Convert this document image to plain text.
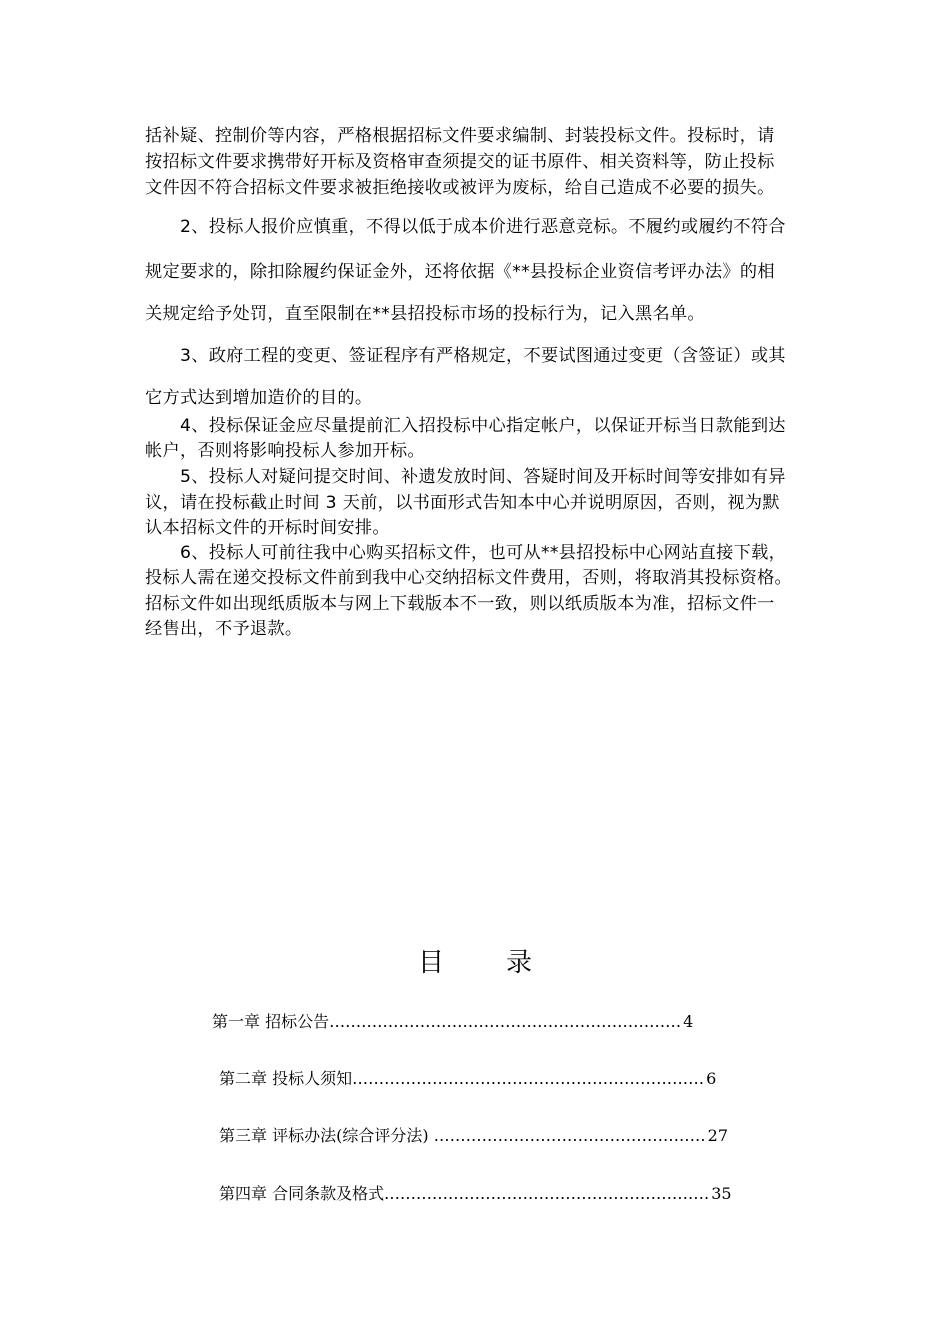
括补疑、控制价等内容，严格根据招标文件要求编制、封装投标文件。投标时，请
按招标文件要求携带好开标及资格审查须提交的证书原件、相关资料等，防止投标
文件因不符合招标文件要求被拒绝接收或被评为废标，给自己造成不必要的损失。
　　2、投标人报价应慎重，不得以低于成本价进行恶意竞标。不履约或履约不符合
规定要求的，除扣除履约保证金外，还将依据《**县投标企业资信考评办法》的相
关规定给予处罚，直至限制在**县招投标市场的投标行为，记入黑名单。
　　3、政府工程的变更、签证程序有严格规定，不要试图通过变更（含签证）或其
它方式达到增加造价的目的。
　　4、投标保证金应尽量提前汇入招投标中心指定帐户，以保证开标当日款能到达
帐户，否则将影响投标人参加开标。
　　5、投标人对疑问提交时间、补遗发放时间、答疑时间及开标时间等安排如有异
议，请在投标截止时间 3 天前，以书面形式告知本中心并说明原因，否则，视为默
认本招标文件的开标时间安排。
　　6、投标人可前往我中心购买招标文件，也可从**县招投标中心网站直接下载，
投标人需在递交投标文件前到我中心交纳招标文件费用，否则，将取消其投标资格。
招标文件如出现纸质版本与网上下载版本不一致，则以纸质版本为准，招标文件一
经售出，不予退款。
目 录
第一章 招标公告………………………………………………………… 4
第二章 投标人须知………………………………………………………… 6
第三章 评标办法(综合评分法) …………………………………………… 27
第四章 合同条款及格式.…………………………………………………… 35
